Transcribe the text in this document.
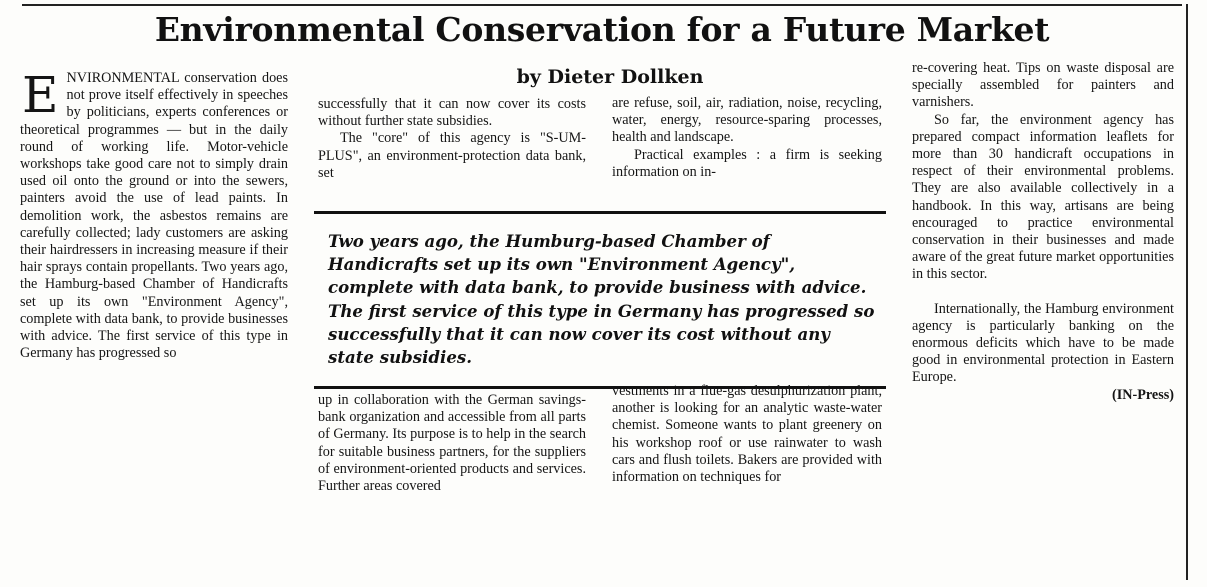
Environmental Conservation for a Future Market
by Dieter Dollken
E NVIRONMENTAL conservation does not prove itself effectively in speeches by politicians, experts conferences or theoretical programmes — but in the daily round of working life. Motor-vehicle workshops take good care not to simply drain used oil onto the ground or into the sewers, painters avoid the use of lead paints. In demolition work, the asbestos remains are carefully collected; lady customers are asking their hairdressers in increasing measure if their hair sprays contain propellants. Two years ago, the Hamburg-based Chamber of Handicrafts set up its own "Environment Agency", complete with data bank, to provide businesses with advice. The first service of this type in Germany has progressed so

successfully that it can now cover its costs without further state subsidies.

The "core" of this agency is "S-UM-PLUS", an environment-protection data bank, set

are refuse, soil, air, radiation, noise, recycling, water, energy, resource-sparing processes, health and landscape.

Practical examples : a firm is seeking information on in-

Two years ago, the Humburg-based Chamber of Handicrafts set up its own "Environment Agency", complete with data bank, to provide business with advice. The first service of this type in Germany has progressed so successfully that it can now cover its cost without any state subsidies.

up in collaboration with the German savings-bank organization and accessible from all parts of Germany. Its purpose is to help in the search for suitable business partners, for the suppliers of environment-oriented products and services. Further areas covered

vestments in a flue-gas desulphurization plant, another is looking for an analytic waste-water chemist. Someone wants to plant greenery on his workshop roof or use rainwater to wash cars and flush toilets. Bakers are provided with information on techniques for

re-covering heat. Tips on waste disposal are specially assembled for painters and varnishers.

So far, the environment agency has prepared compact information leaflets for more than 30 handicraft occupations in respect of their environmental problems. They are also available collectively in a handbook. In this way, artisans are being encouraged to practice environmental conservation in their businesses and made aware of the great future market opportunities in this sector.

Internationally, the Hamburg environment agency is particularly banking on the enormous deficits which have to be made good in environmental protection in Eastern Europe.

(IN-Press)
